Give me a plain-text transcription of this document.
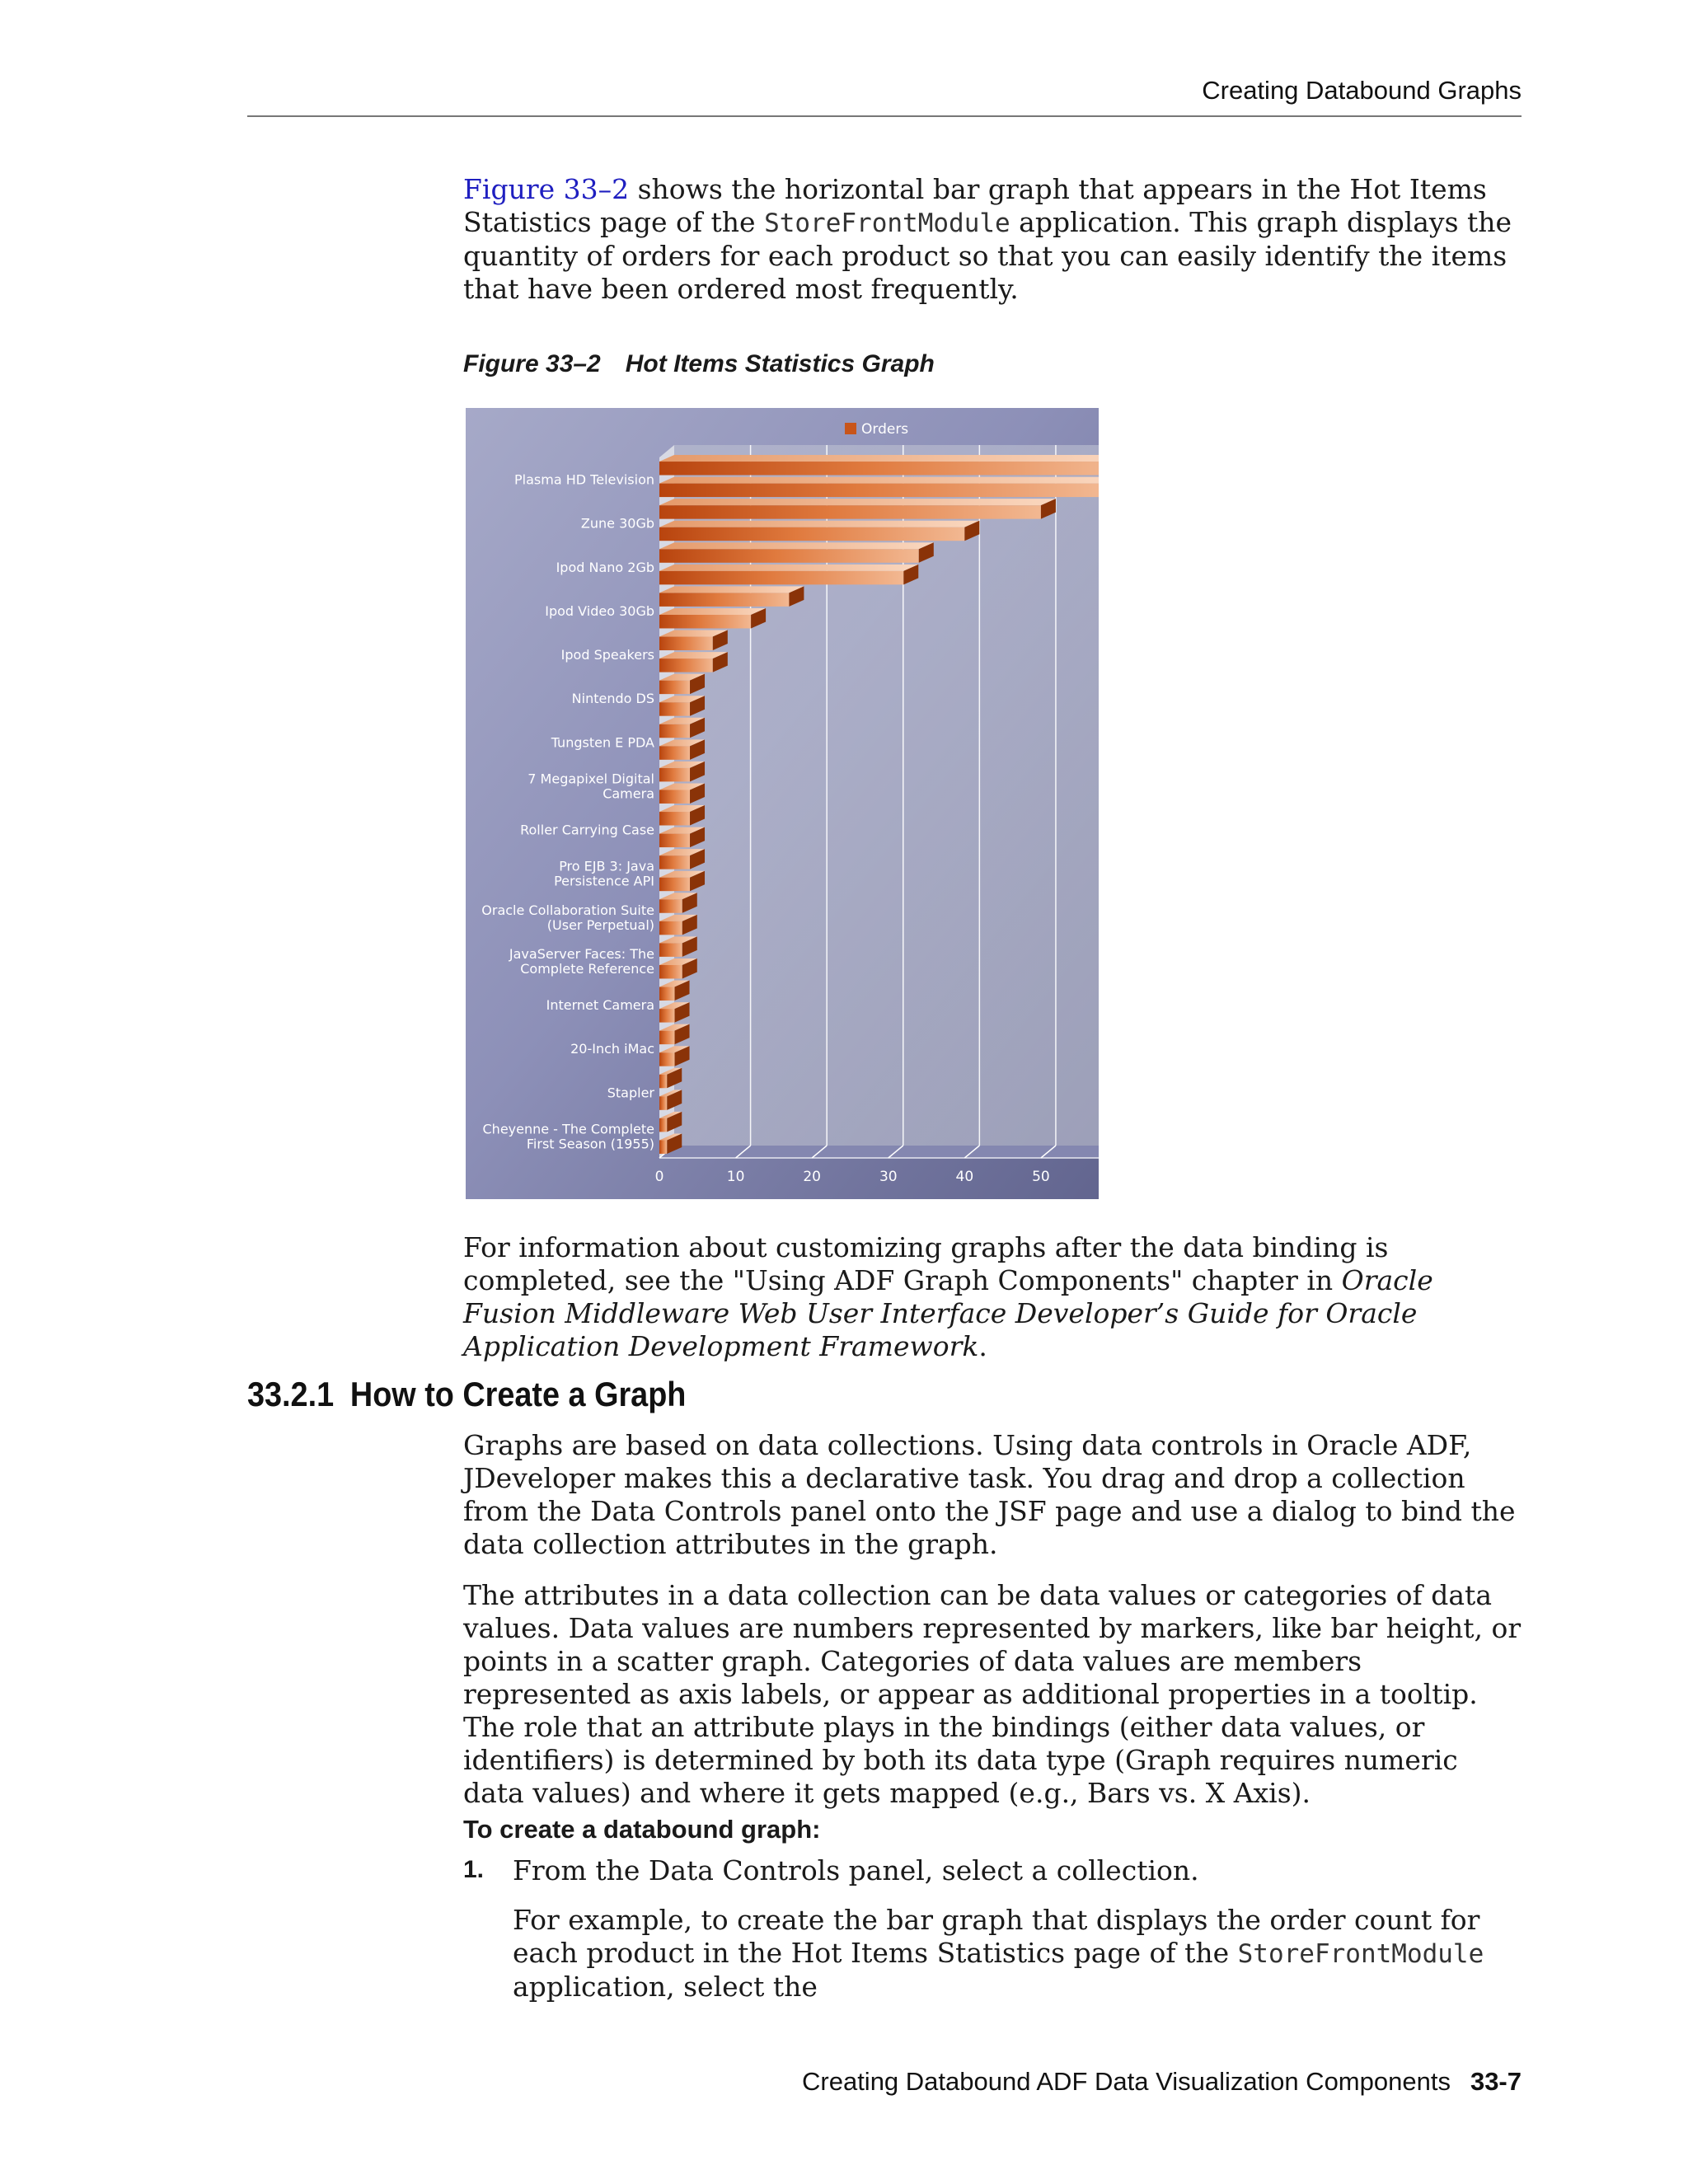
Creating Databound Graphs

Figure 33–2 shows the horizontal bar graph that appears in the Hot Items Statistics page of the StoreFrontModule application. This graph displays the quantity of orders for each product so that you can easily identify the items that have been ordered most frequently.

Figure 33–2 Hot Items Statistics Graph
Plasma HD Television
Zune 30Gb
Ipod Nano 2Gb
Ipod Video 30Gb
Ipod Speakers
Nintendo DS
Tungsten E PDA
7 Megapixel Digital Camera
Roller Carrying Case
Pro EJB 3: Java Persistence API
Oracle Collaboration Suite (User Perpetual)
JavaServer Faces: The Complete Reference
Internet Camera
20-Inch iMac
Stapler
Cheyenne - The Complete First Season (1955)
0	10	20	30	40	50
Orders

For information about customizing graphs after the data binding is completed, see the "Using ADF Graph Components" chapter in Oracle Fusion Middleware Web User Interface Developer’s Guide for Oracle Application Development Framework.

33.2.1 How to Create a Graph

Graphs are based on data collections. Using data controls in Oracle ADF, JDeveloper makes this a declarative task. You drag and drop a collection from the Data Controls panel onto the JSF page and use a dialog to bind the data collection attributes in the graph.

The attributes in a data collection can be data values or categories of data values. Data values are numbers represented by markers, like bar height, or points in a scatter graph. Categories of data values are members represented as axis labels, or appear as additional properties in a tooltip. The role that an attribute plays in the bindings (either data values, or identifiers) is determined by both its data type (Graph requires numeric data values) and where it gets mapped (e.g., Bars vs. X Axis).

To create a databound graph:
1. From the Data Controls panel, select a collection.

For example, to create the bar graph that displays the order count for each product in the Hot Items Statistics page of the StoreFrontModule application, select the

Creating Databound ADF Data Visualization Components 33-7
